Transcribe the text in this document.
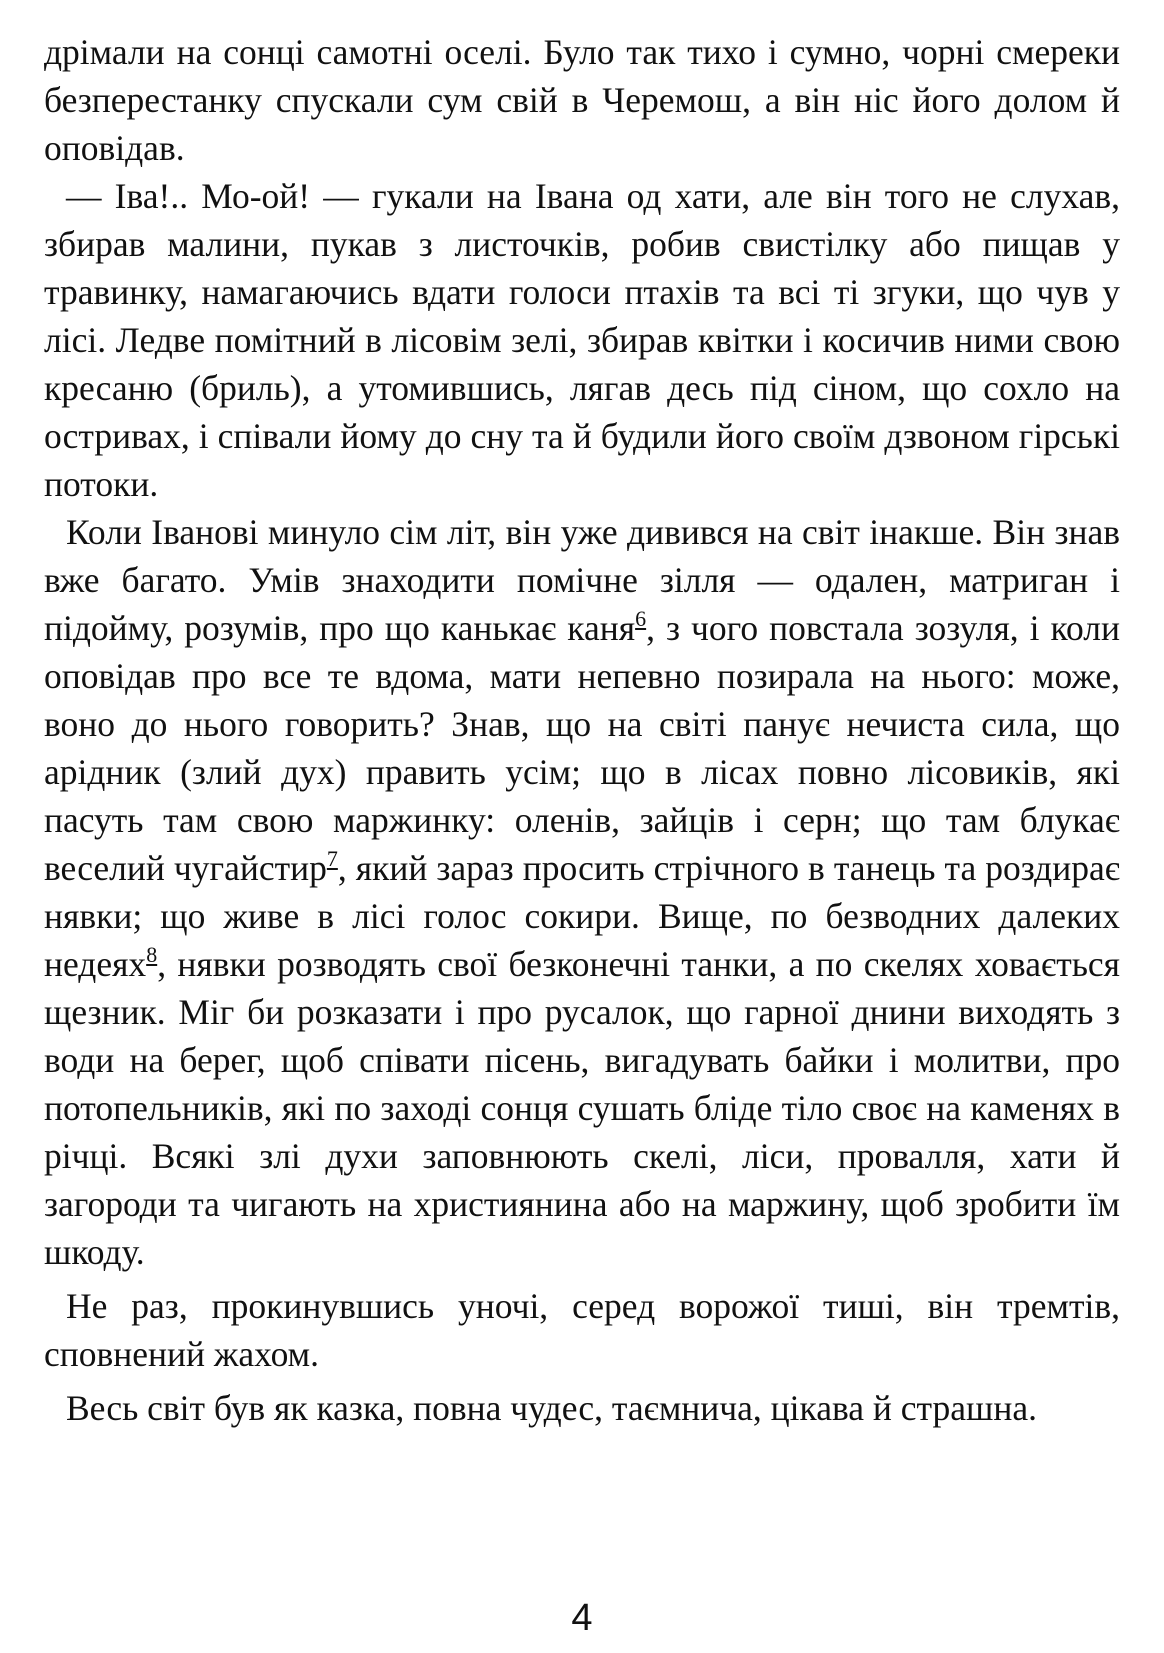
дрімали на сонці самотні оселі. Було так тихо і сумно, чорні смереки безперестанку спускали сум свій в Черемош, а він ніс його долом й оповідав.

— Іва!.. Мо-ой! — гукали на Івана од хати, але він того не слухав, збирав малини, пукав з листочків, робив свистілку або пищав у травинку, намагаючись вдати голоси птахів та всі ті згуки, що чув у лісі. Ледве помітний в лісовім зелі, збирав квітки і косичив ними свою кресаню (бриль), а утомившись, лягав десь під сіном, що сохло на остривах, і співали йому до сну та й будили його своїм дзвоном гірські потоки.

Коли Іванові минуло сім літ, він уже дивився на світ інакше. Він знав вже багато. Умів знаходити помічне зілля — одален, матриган і підойму, розумів, про що канькає каня$^6$, з чого повстала зозуля, і коли оповідав про все те вдома, мати непевно позирала на нього: може, воно до нього говорить? Знав, що на світі панує нечиста сила, що арідник (злий дух) править усім; що в лісах повно лісовиків, які пасуть там свою маржинку: оленів, зайців і серн; що там блукає веселий чугайстир$^7$, який зараз просить стрічного в танець та роздирає нявки; що живе в лісі голос сокири. Вище, по безводних далеких недеях$^8$, нявки розводять свої безконечні танки, а по скелях ховається щезник. Міг би розказати і про русалок, що гарної днини виходять з води на берег, щоб співати пісень, вигадувать байки і молитви, про потопельників, які по заході сонця сушать бліде тіло своє на каменях в річці. Всякі злі духи заповнюють скелі, ліси, провалля, хати й загороди та чигають на християнина або на маржину, щоб зробити їм шкоду.

Не раз, прокинувшись уночі, серед ворожої тиші, він тремтів, сповнений жахом.

Весь світ був як казка, повна чудес, таємнича, цікава й страшна.

4
